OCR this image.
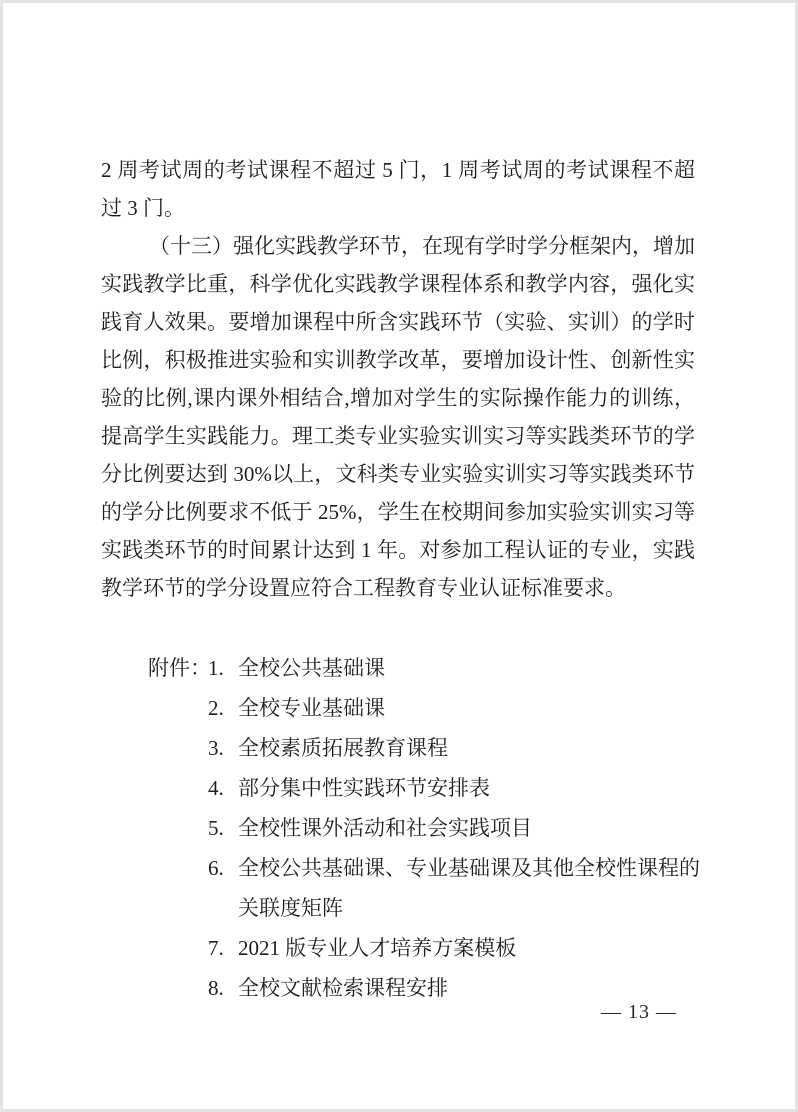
2 周考试周的考试课程不超过 5 门，1 周考试周的考试课程不超
过 3 门。
（十三）强化实践教学环节，在现有学时学分框架内，增加
实践教学比重，科学优化实践教学课程体系和教学内容，强化实
践育人效果。要增加课程中所含实践环节（实验、实训）的学时
比例，积极推进实验和实训教学改革，要增加设计性、创新性实
验的比例,课内课外相结合,增加对学生的实际操作能力的训练，
提高学生实践能力。理工类专业实验实训实习等实践类环节的学
分比例要达到 30%以上，文科类专业实验实训实习等实践类环节
的学分比例要求不低于 25%，学生在校期间参加实验实训实习等
实践类环节的时间累计达到 1 年。对参加工程认证的专业，实践
教学环节的学分设置应符合工程教育专业认证标准要求。
附件：
1. 全校公共基础课
2. 全校专业基础课
3. 全校素质拓展教育课程
4. 部分集中性实践环节安排表
5. 全校性课外活动和社会实践项目
6. 全校公共基础课、专业基础课及其他全校性课程的
关联度矩阵
7. 2021 版专业人才培养方案模板
8. 全校文献检索课程安排
— 13 —
